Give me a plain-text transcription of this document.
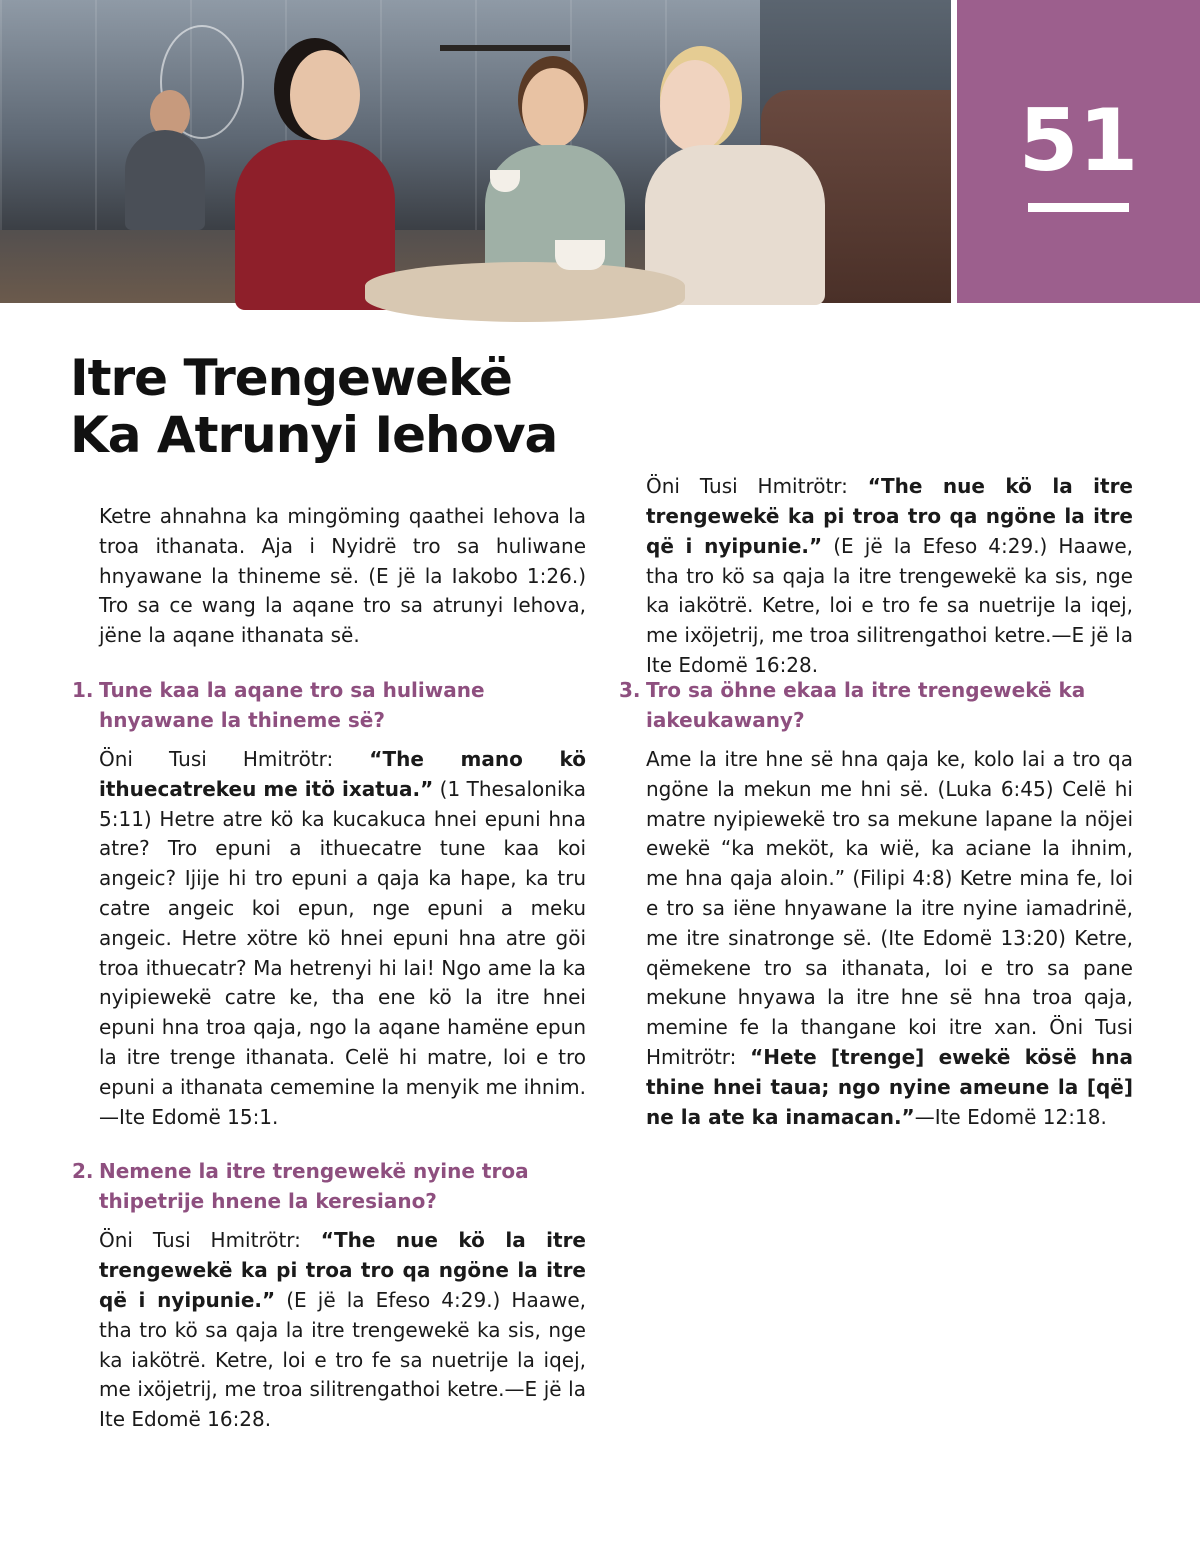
51
Itre Trengewekë
Ka Atrunyi Iehova

Ketre ahnahna ka mingöming qaathei Iehova la troa ithanata. Aja i Nyidrë tro sa huliwane hnyawane la thineme së. (E jë la Iakobo 1:26.) Tro sa ce wang la aqane tro sa atrunyi Iehova, jëne la aqane ithanata së.

1. Tune kaa la aqane tro sa huliwane hnyawane la thineme së?

Öni Tusi Hmitrötr: “The mano kö ithuecatrekeu me itö ixatua.” (1 Thesalonika 5:11) Hetre atre kö ka kucakuca hnei epuni hna atre? Tro epuni a ithuecatre tune kaa koi angeic? Ijije hi tro epuni a qaja ka hape, ka tru catre angeic koi epun, nge epuni a meku angeic. Hetre xötre kö hnei epuni hna atre göi troa ithuecatr? Ma hetrenyi hi lai! Ngo ame la ka nyipiewekë catre ke, tha ene kö la itre hnei epuni hna troa qaja, ngo la aqane hamëne epun la itre trenge ithanata. Celë hi matre, loi e tro epuni a ithanata cememine la menyik me ihnim.—Ite Edomë 15:1.

2. Nemene la itre trengewekë nyine troa thipetrije hnene la keresiano?

Öni Tusi Hmitrötr: “The nue kö la itre trengewekë ka pi troa tro qa ngöne la itre që i nyipunie.” (E jë la Efeso 4:29.) Haawe, tha tro kö sa qaja la itre trengewekë ka sis, nge ka iakötrë. Ketre, loi e tro fe sa nuetrije la iqej, me ixöjetrij, me troa silitrengathoi ketre.—E jë la Ite Edomë 16:28.

Öni Tusi Hmitrötr: “The nue kö la itre trengewekë ka pi troa tro qa ngöne la itre që i nyipunie.” (E jë la Efeso 4:29.) Haawe, tha tro kö sa qaja la itre trengewekë ka sis, nge ka iakötrë. Ketre, loi e tro fe sa nuetrije la iqej, me ixöjetrij, me troa silitrengathoi ketre.—E jë la Ite Edomë 16:28.

3. Tro sa öhne ekaa la itre trengewekë ka iakeukawany?

Ame la itre hne së hna qaja ke, kolo lai a tro qa ngöne la mekun me hni së. (Luka 6:45) Celë hi matre nyipiewekë tro sa mekune lapane la nöjei ewekë “ka meköt, ka wië, ka aciane la ihnim, me hna qaja aloin.” (Filipi 4:8) Ketre mina fe, loi e tro sa iëne hnyawane la itre nyine iamadrinë, me itre sinatronge së. (Ite Edomë 13:20) Ketre, qëmekene tro sa ithanata, loi e tro sa pane mekune hnyawa la itre hne së hna troa qaja, memine fe la thangane koi itre xan. Öni Tusi Hmitrötr: “Hete [trenge] ewekë kösë hna thine hnei taua; ngo nyine ameune la [që] ne la ate ka inamacan.”—Ite Edomë 12:18.
